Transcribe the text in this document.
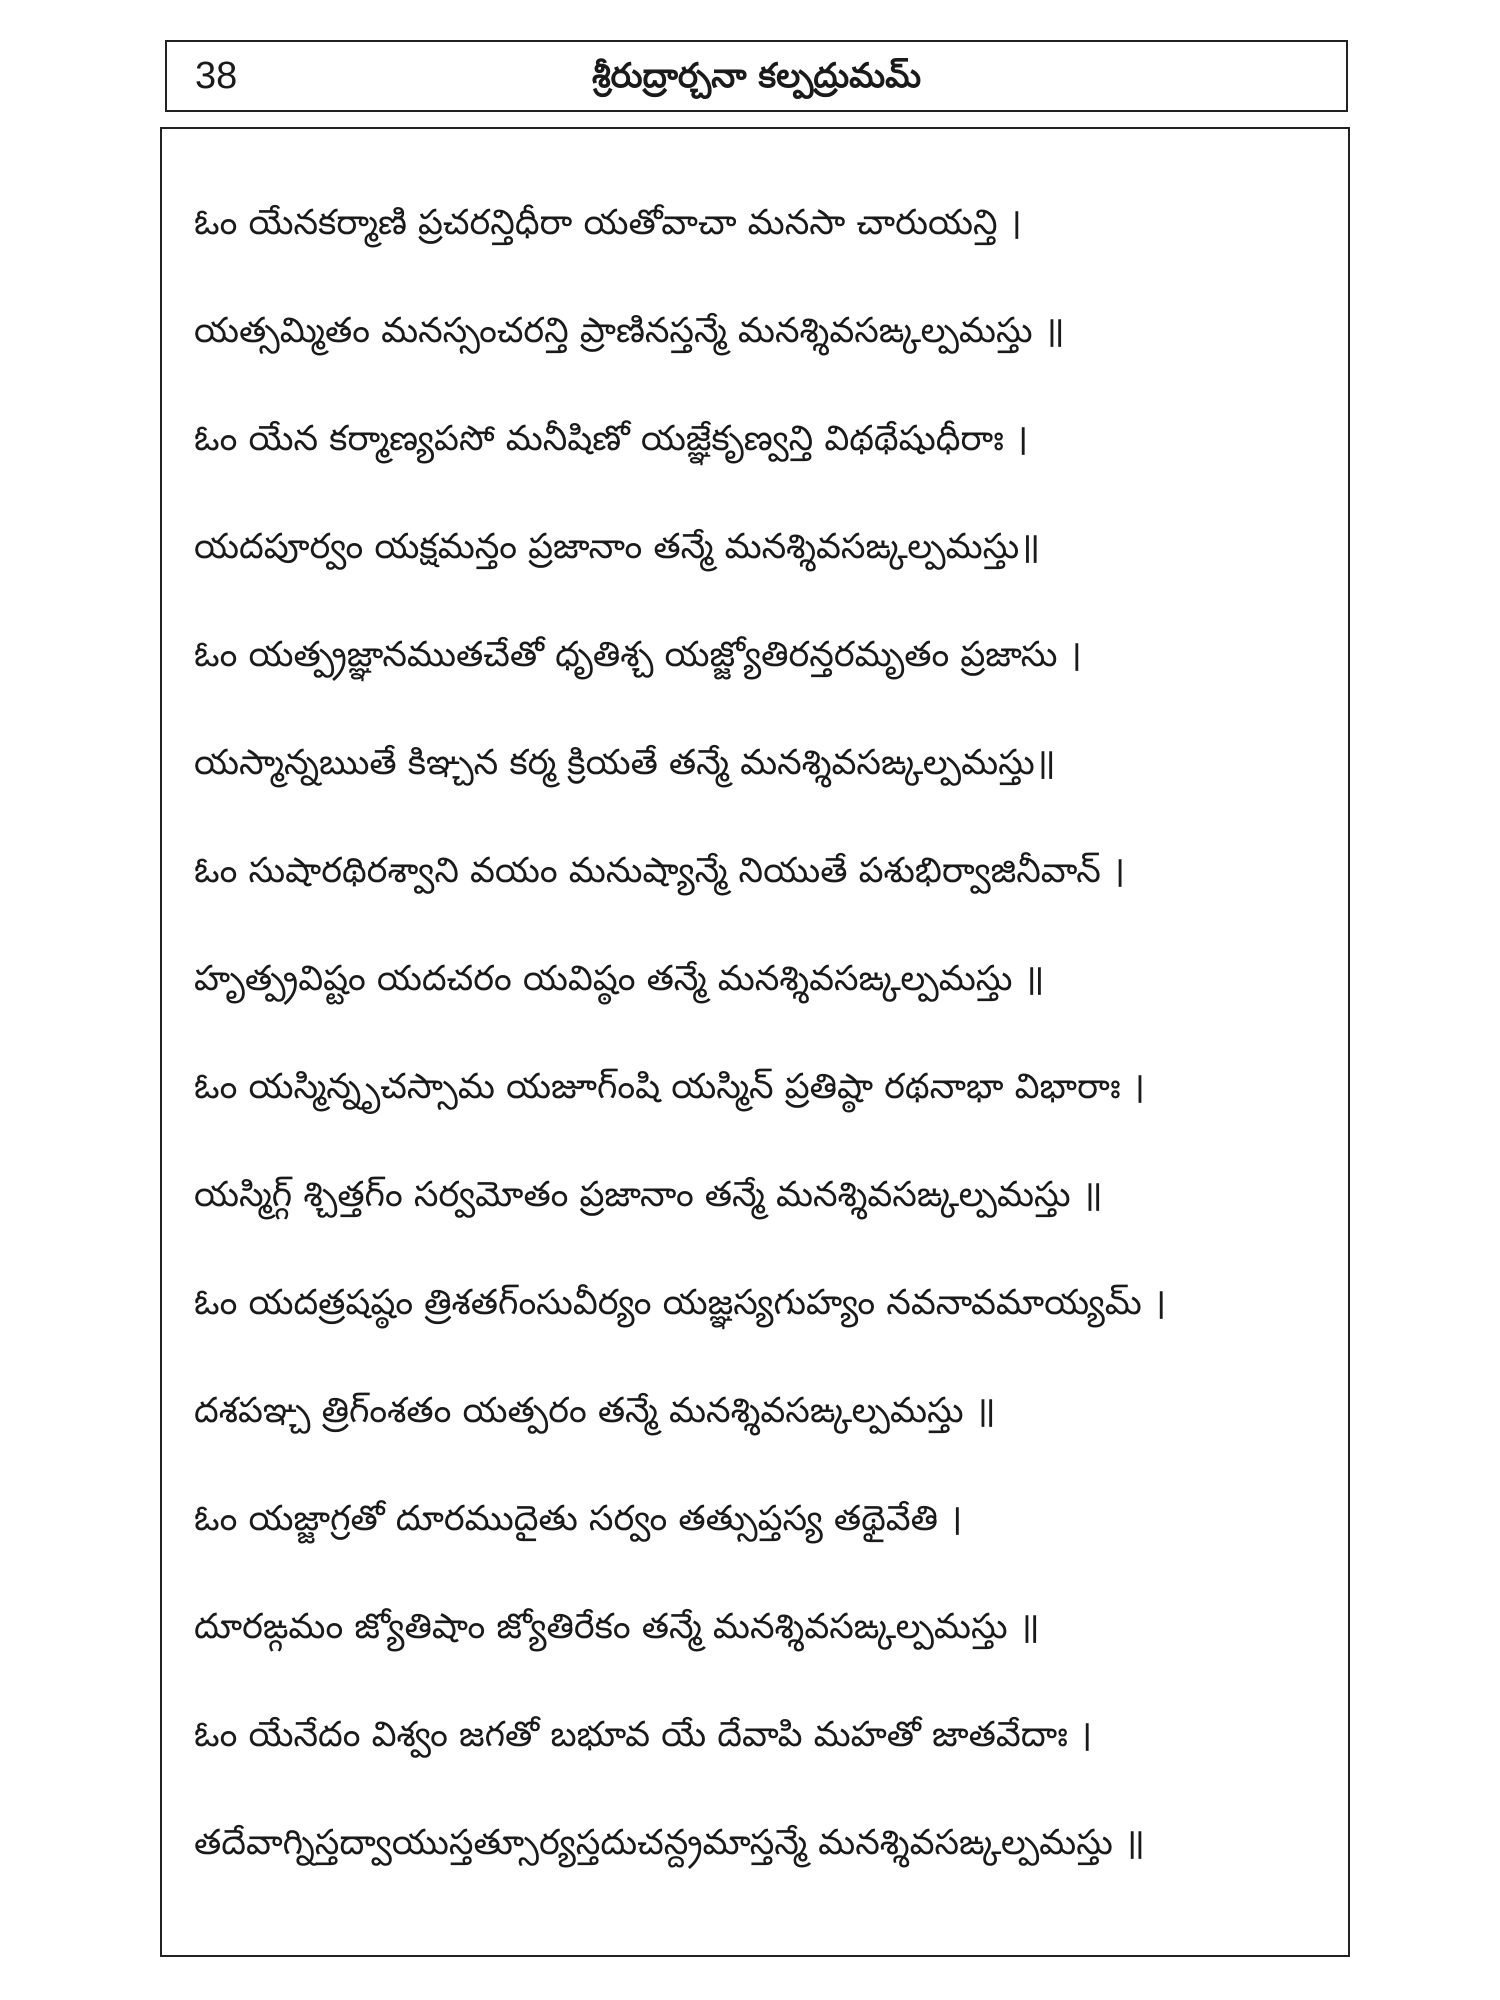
38	శ్రీరుద్రార్చనా కల్పద్రుమమ్
ఓం యేనకర్మాణి ప్రచరన్తిధీరా యతోవాచా మనసా చారుయన్తి ।
యత్సమ్మితం మనస్సంచరన్తి ప్రాణినస్తన్మే మనశ్శివసఙ్కల్పమస్తు ॥
ఓం యేన కర్మాణ్యపసో మనీషిణో యజ్ఞేకృణ్వన్తి విథథేషుధీరాః ।
యదపూర్వం యక్షమన్తం ప్రజానాం తన్మే మనశ్శివసఙ్కల్పమస్తు॥
ఓం యత్ప్రజ్ఞానముతచేతో ధృతిశ్చ యజ్జ్యోతిరన్తరమృతం ప్రజాసు ।
యస్మాన్నఋతే కిఞ్చన కర్మ క్రియతే తన్మే మనశ్శివసఙ్కల్పమస్తు॥
ఓం సుషారథిరశ్వాని వయం మనుష్యాన్మే నియుతే పశుభిర్వాజినీవాన్ ।
హృత్ప్రవిష్టం యదచరం యవిష్ఠం తన్మే మనశ్శివసఙ్కల్పమస్తు ॥
ఓం యస్మిన్నృచస్సామ యజూగ్ంషి యస్మిన్ ప్రతిష్ఠా రథనాభా విభారాః ।
యస్మిగ్గ్ శ్చిత్తగ్ం సర్వమోతం ప్రజానాం తన్మే మనశ్శివసఙ్కల్పమస్తు ॥
ఓం యదత్రషష్ఠం త్రిశతగ్ంసువీర్యం యజ్ఞస్యగుహ్యం నవనావమాయ్యమ్ ।
దశపఞ్చ త్రిగ్ంశతం యత్పరం తన్మే మనశ్శివసఙ్కల్పమస్తు ॥
ఓం యజ్జాగ్రతో దూరముదైతు సర్వం తత్సుప్తస్య తథైవేతి ।
దూరఙ్గమం జ్యోతిషాం జ్యోతిరేకం తన్మే మనశ్శివసఙ్కల్పమస్తు ॥
ఓం యేనేదం విశ్వం జగతో బభూవ యే దేవాపి మహతో జాతవేదాః ।
తదేవాగ్నిస్తద్వాయుస్తత్సూర్యస్తదుచన్ద్రమాస్తన్మే మనశ్శివసఙ్కల్పమస్తు ॥
